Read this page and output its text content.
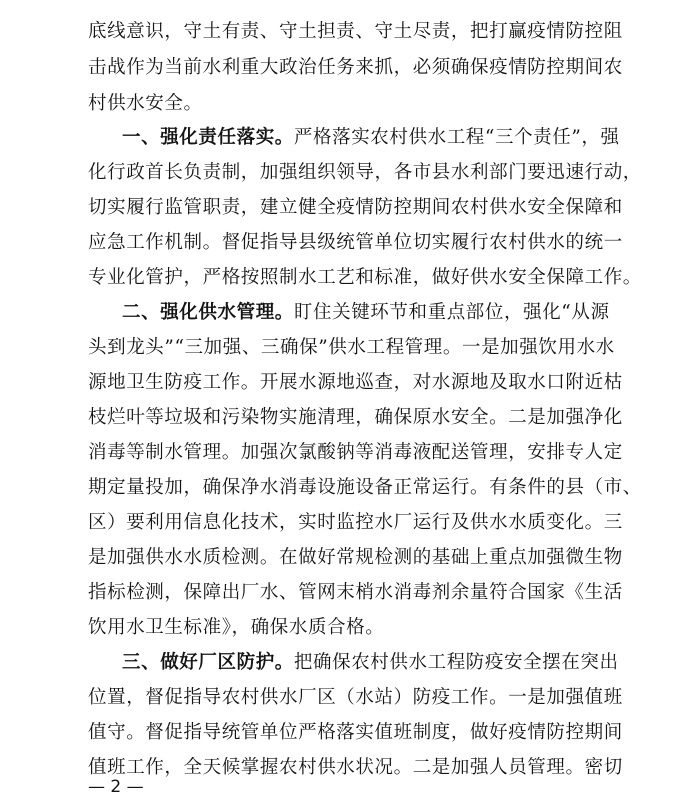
底线意识，守土有责、守土担责、守土尽责，把打赢疫情防控阻
击战作为当前水利重大政治任务来抓，必须确保疫情防控期间农
村供水安全。
一、强化责任落实。严格落实农村供水工程“三个责任”，强
化行政首长负责制，加强组织领导，各市县水利部门要迅速行动，
切实履行监管职责，建立健全疫情防控期间农村供水安全保障和
应急工作机制。督促指导县级统管单位切实履行农村供水的统一
专业化管护，严格按照制水工艺和标准，做好供水安全保障工作。
二、强化供水管理。盯住关键环节和重点部位，强化“从源
头到龙头”“三加强、三确保”供水工程管理。一是加强饮用水水
源地卫生防疫工作。开展水源地巡查，对水源地及取水口附近枯
枝烂叶等垃圾和污染物实施清理，确保原水安全。二是加强净化
消毒等制水管理。加强次氯酸钠等消毒液配送管理，安排专人定
期定量投加，确保净水消毒设施设备正常运行。有条件的县（市、
区）要利用信息化技术，实时监控水厂运行及供水水质变化。三
是加强供水水质检测。在做好常规检测的基础上重点加强微生物
指标检测，保障出厂水、管网末梢水消毒剂余量符合国家《生活
饮用水卫生标准》，确保水质合格。
三、做好厂区防护。把确保农村供水工程防疫安全摆在突出
位置，督促指导农村供水厂区（水站）防疫工作。一是加强值班
值守。督促指导统管单位严格落实值班制度，做好疫情防控期间
值班工作，全天候掌握农村供水状况。二是加强人员管理。密切
— 2 —
